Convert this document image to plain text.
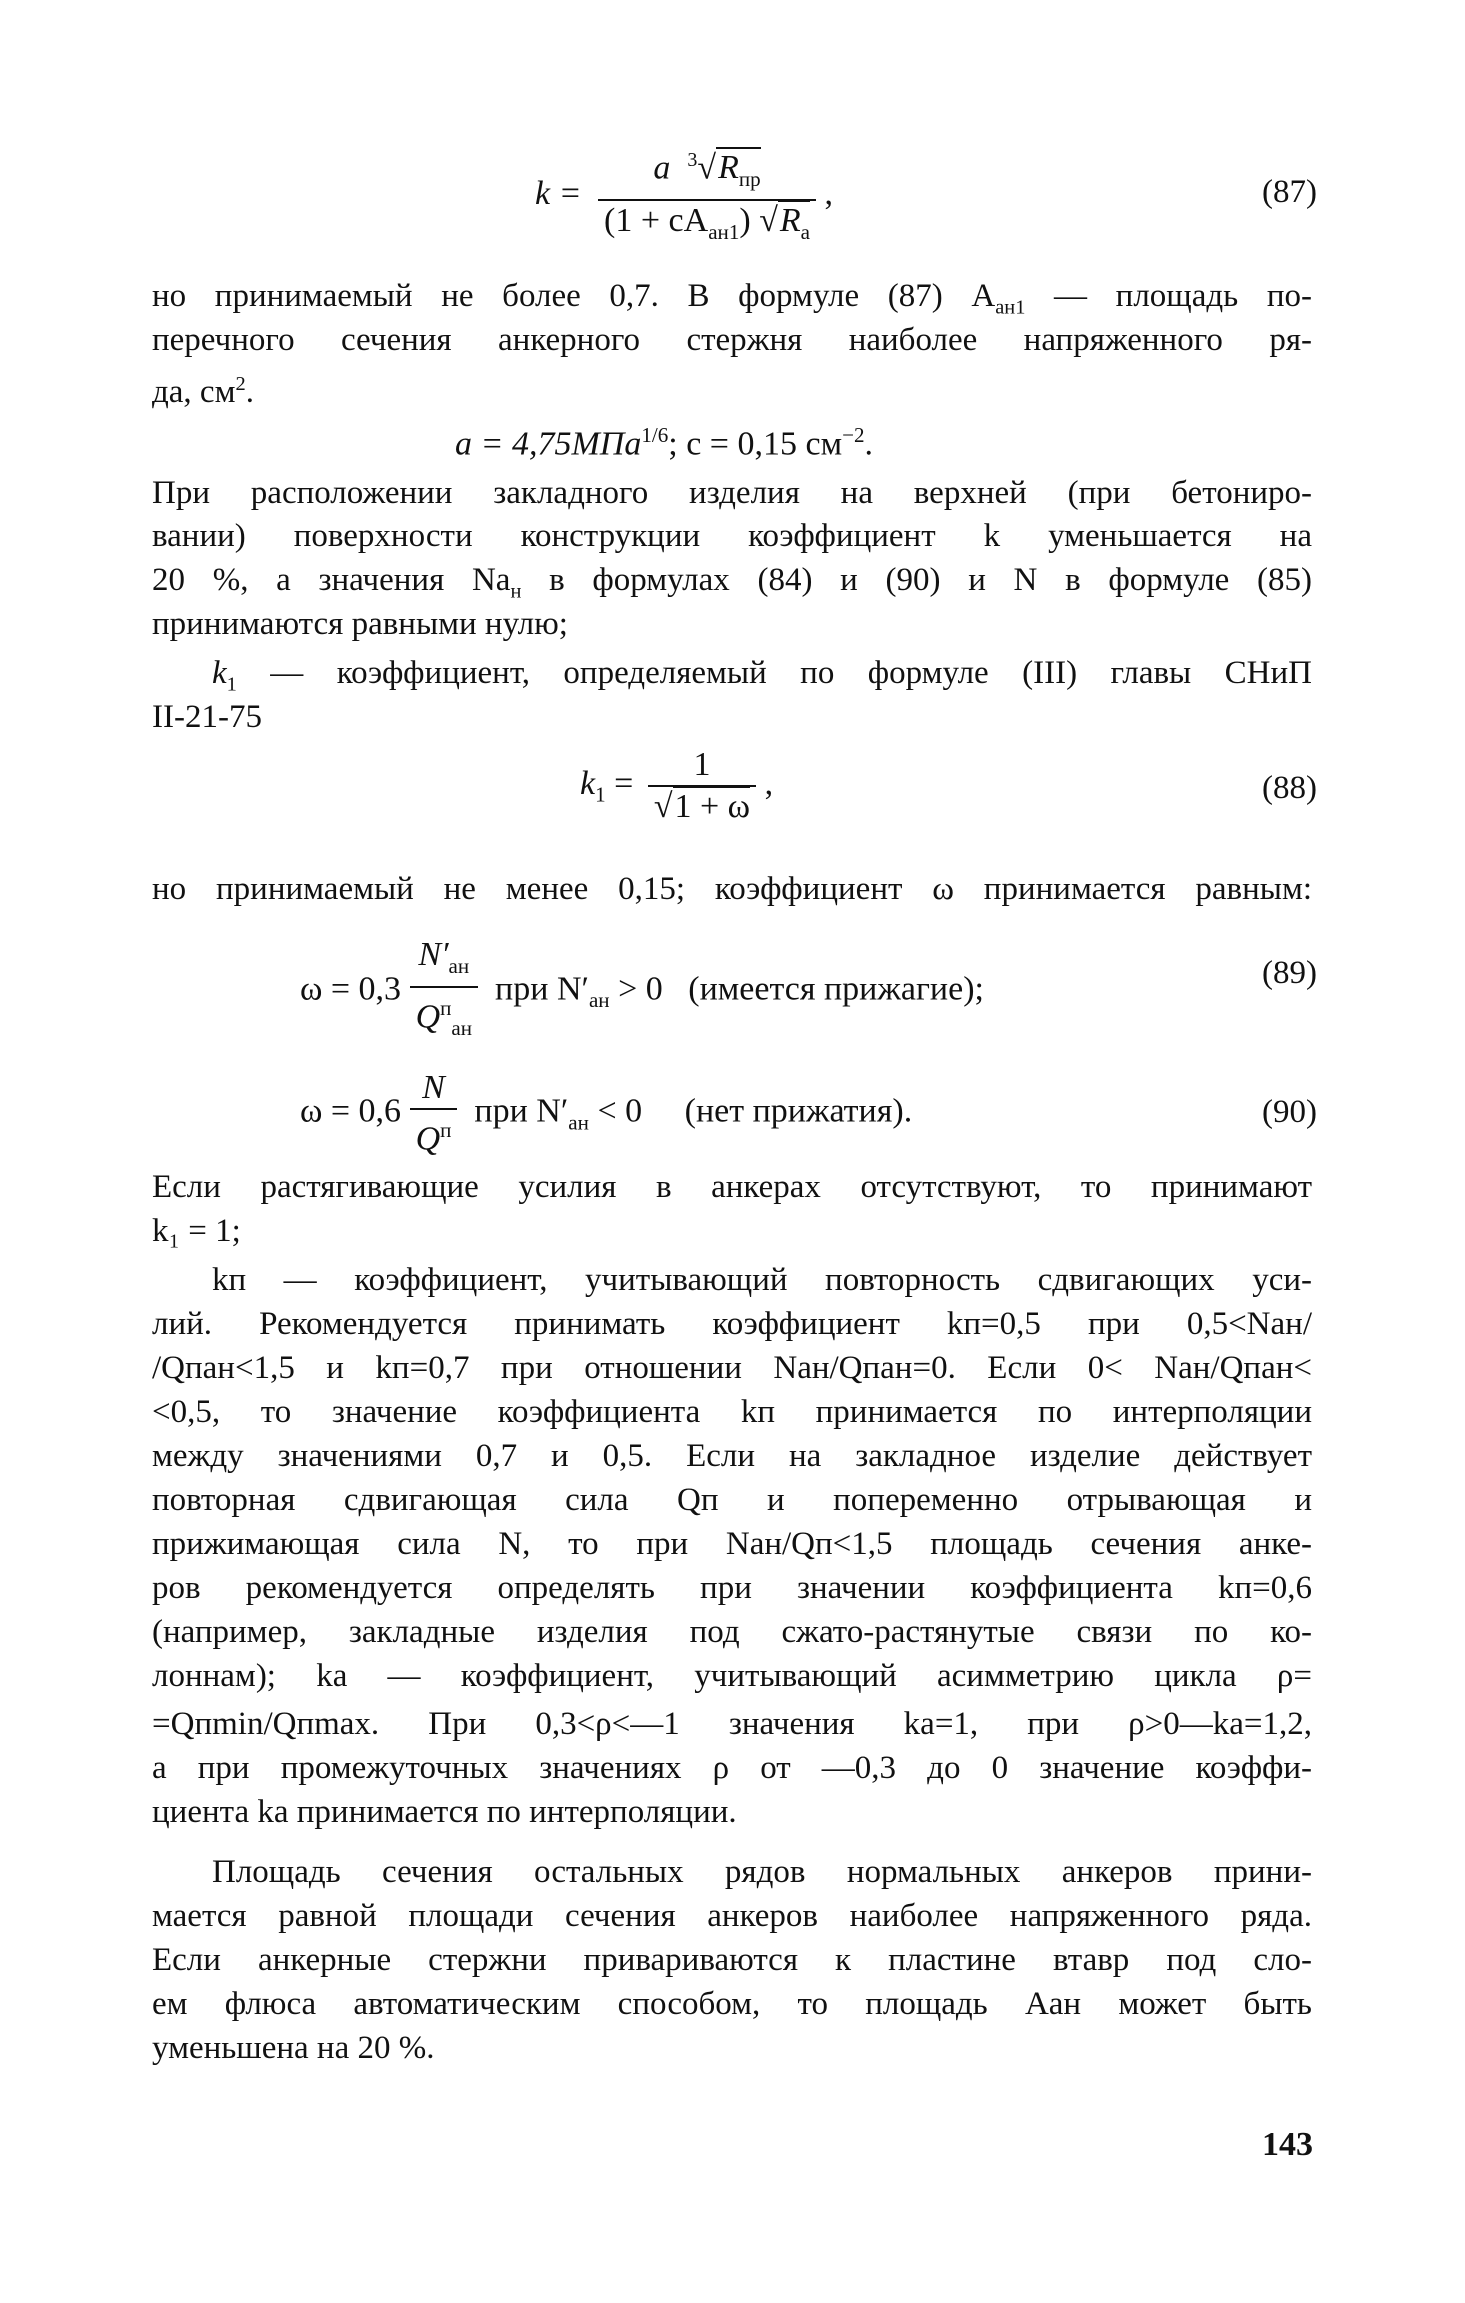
$k = \frac{a ^3√R_{пр}}{(1 + cA_{ан1}) √R_а}$ ,	(87)
но принимаемый не более 0,7. В формуле (87) $A_{ан1}$ — площадь по-
перечного сечения анкерного стержня наиболее напряженного ря-
да, $см^2$.
a = 4,75МПа$^{1/6}$; c = 0,15 $см^{-2}$.
При расположении закладного изделия на верхней (при бетониро-
вании) поверхности конструкции коэффициент k уменьшается на
20 %, а значения $Na_н$ в формулах (84) и (90) и N в формуле (85)
принимаются равными нулю;
$k_1$ — коэффициент, определяемый по формуле (III) главы СНиП
II-21-75
$k_1 = \frac{1}{√1 + \omega}$ ,	(88)
но принимаемый не менее 0,15; коэффициент ω принимается равным:
$\omega = 0,3 \frac{N'_{ан}}{Q^п_{ан}}$ при $N'_{ан} > 0$ (имеется прижагие);	(89)
$\omega = 0,6 \frac{N}{Q^п}$ при $N'_{ан} < 0$ (нет прижатия).	(90)
Если растягивающие усилия в анкерах отсутствуют, то принимают
k₁ = 1;
kп — коэффициент, учитывающий повторность сдвигающих уси-
лий. Рекомендуется принимать коэффициент kп=0,5 при 0,5<Nан/
/Qпан<1,5 и kп=0,7 при отношении Nан/Qпан=0. Если 0< Nан/Qпан<
<0,5, то значение коэффициента kп принимается по интерполяции
между значениями 0,7 и 0,5. Если на закладное изделие действует
повторная сдвигающая сила Qп и попеременно отрывающая и
прижимающая сила N, то при Nан/Qп<1,5 площадь сечения анке-
ров рекомендуется определять при значении коэффициента kп=0,6
(например, закладные изделия под сжато-растянутые связи по ко-
лоннам); kа — коэффициент, учитывающий асимметрию цикла ρ=
=Qпmin/Qпmax. При 0,3<ρ<—1 значения kа=1, при ρ>0—kа=1,2,
а при промежуточных значениях ρ от —0,3 до 0 значение коэффи-
циента kа принимается по интерполяции.
Площадь сечения остальных рядов нормальных анкеров прини-
мается равной площади сечения анкеров наиболее напряженного ряда.
Если анкерные стержни привариваются к пластине втавр под сло-
ем флюса автоматическим способом, то площадь Aан может быть
уменьшена на 20 %.
143
